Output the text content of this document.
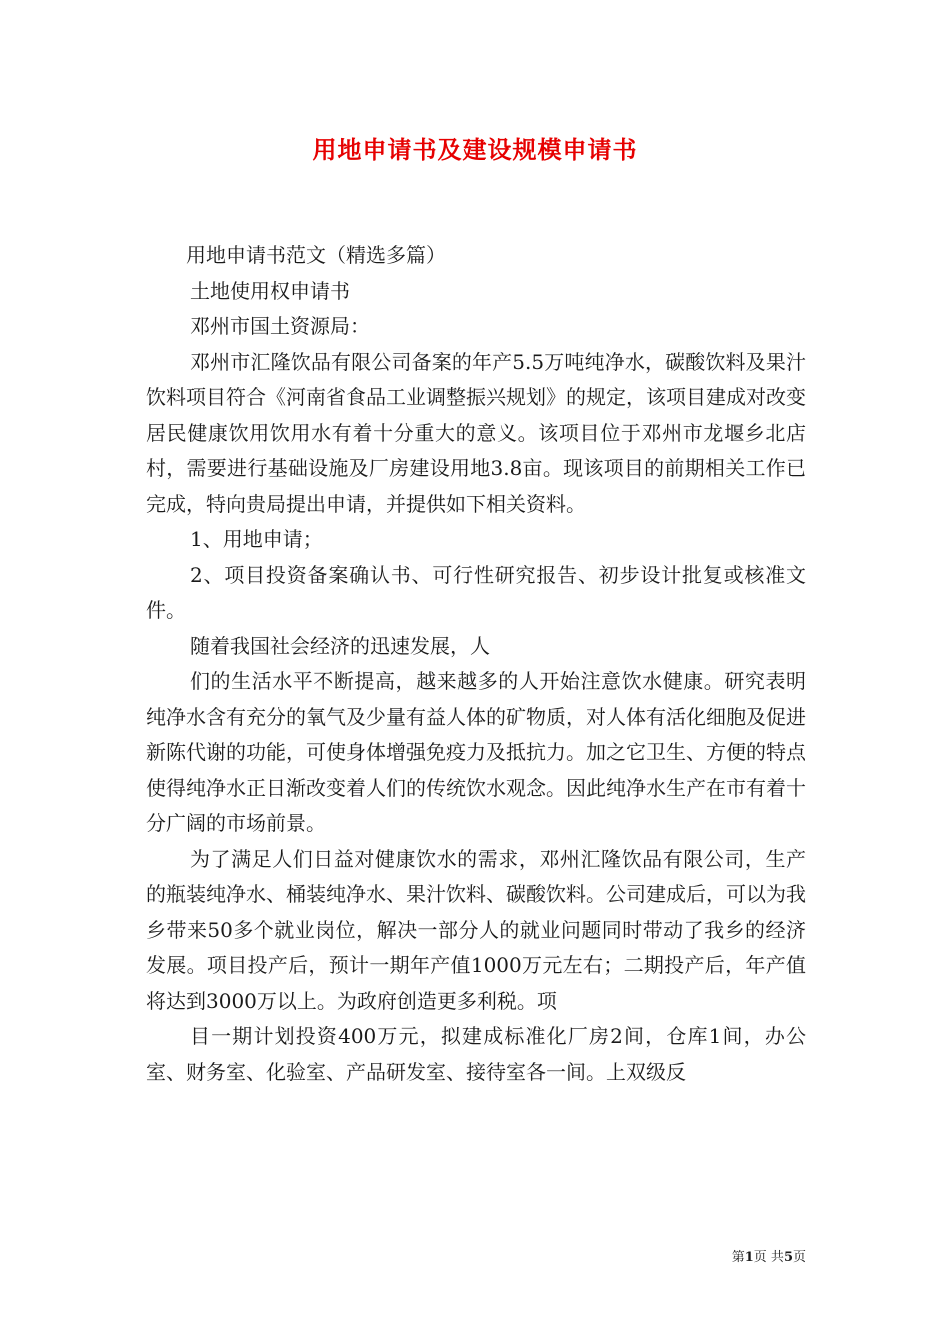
用地申请书及建设规模申请书

用地申请书范文（精选多篇）

土地使用权申请书

邓州市国土资源局：

邓州市汇隆饮品有限公司备案的年产5.5万吨纯净水，碳酸饮料及果汁饮料项目符合《河南省食品工业调整振兴规划》的规定，该项目建成对改变居民健康饮用饮用水有着十分重大的意义。该项目位于邓州市龙堰乡北店村，需要进行基础设施及厂房建设用地3.8亩。现该项目的前期相关工作已完成，特向贵局提出申请，并提供如下相关资料。

1、用地申请；

2、项目投资备案确认书、可行性研究报告、初步设计批复或核准文件。

随着我国社会经济的迅速发展，人

们的生活水平不断提高，越来越多的人开始注意饮水健康。研究表明纯净水含有充分的氧气及少量有益人体的矿物质，对人体有活化细胞及促进新陈代谢的功能，可使身体增强免疫力及抵抗力。加之它卫生、方便的特点使得纯净水正日渐改变着人们的传统饮水观念。因此纯净水生产在市有着十分广阔的市场前景。

为了满足人们日益对健康饮水的需求，邓州汇隆饮品有限公司，生产的瓶装纯净水、桶装纯净水、果汁饮料、碳酸饮料。公司建成后，可以为我乡带来50多个就业岗位，解决一部分人的就业问题同时带动了我乡的经济发展。项目投产后，预计一期年产值1000万元左右；二期投产后，年产值将达到3000万以上。为政府创造更多利税。项

目一期计划投资400万元，拟建成标准化厂房2间，仓库1间，办公室、财务室、化验室、产品研发室、接待室各一间。上双级反

第1页 共5页
